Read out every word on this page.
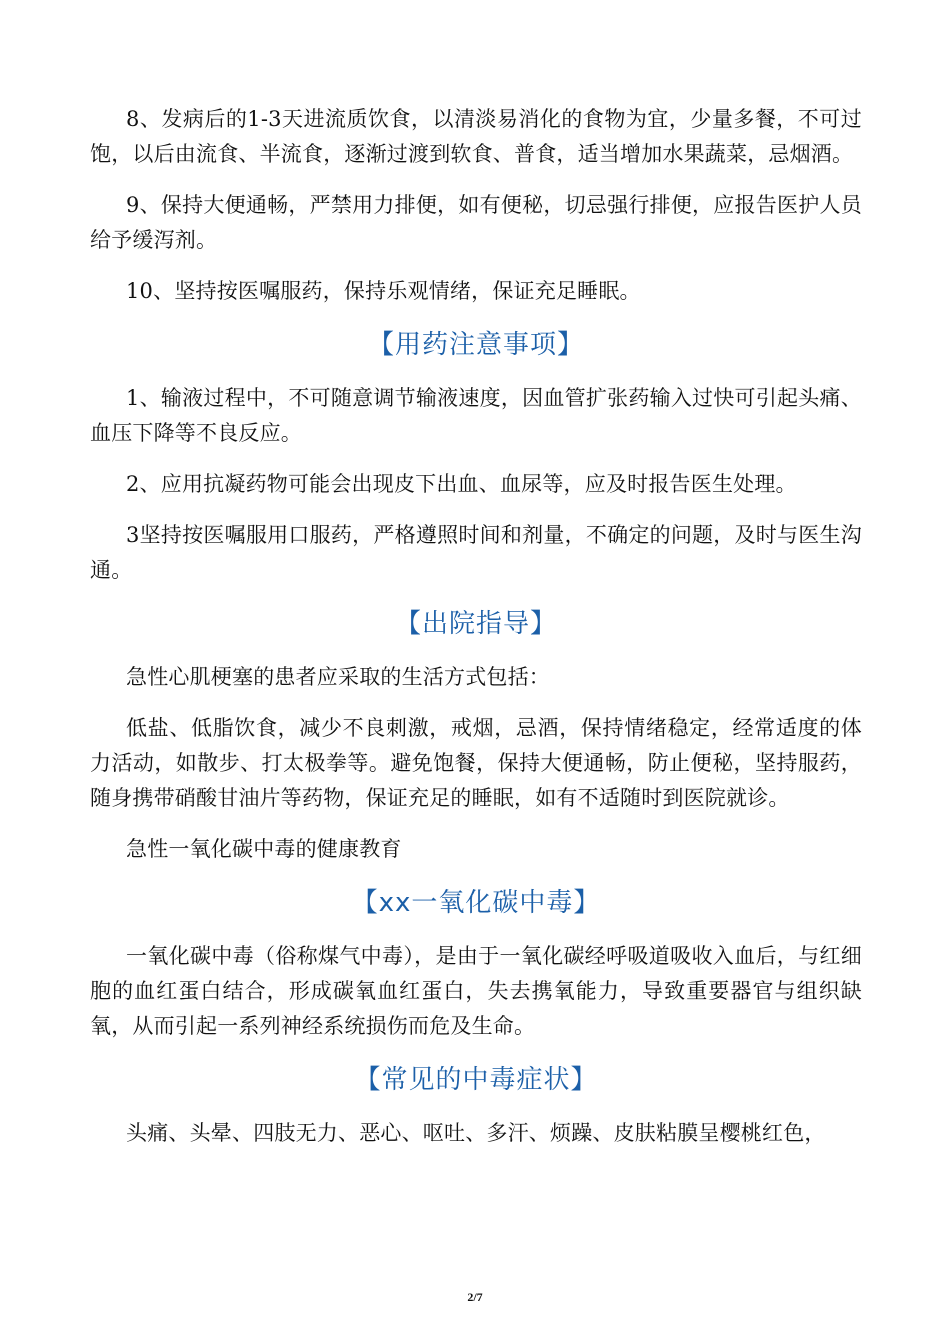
8、发病后的1-3天进流质饮食，以清淡易消化的食物为宜，少量多餐，不可过饱，以后由流食、半流食，逐渐过渡到软食、普食，适当增加水果蔬菜，忌烟酒。

9、保持大便通畅，严禁用力排便，如有便秘，切忌强行排便，应报告医护人员给予缓泻剂。

10、坚持按医嘱服药，保持乐观情绪，保证充足睡眠。

【用药注意事项】

1、输液过程中，不可随意调节输液速度，因血管扩张药输入过快可引起头痛、血压下降等不良反应。

2、应用抗凝药物可能会出现皮下出血、血尿等，应及时报告医生处理。

3坚持按医嘱服用口服药，严格遵照时间和剂量，不确定的问题，及时与医生沟通。

【出院指导】

急性心肌梗塞的患者应采取的生活方式包括：

低盐、低脂饮食，减少不良刺激，戒烟，忌酒，保持情绪稳定，经常适度的体力活动，如散步、打太极拳等。避免饱餐，保持大便通畅，防止便秘，坚持服药，随身携带硝酸甘油片等药物，保证充足的睡眠，如有不适随时到医院就诊。

急性一氧化碳中毒的健康教育

【xx一氧化碳中毒】

一氧化碳中毒（俗称煤气中毒），是由于一氧化碳经呼吸道吸收入血后，与红细胞的血红蛋白结合，形成碳氧血红蛋白，失去携氧能力，导致重要器官与组织缺氧，从而引起一系列神经系统损伤而危及生命。

【常见的中毒症状】

头痛、头晕、四肢无力、恶心、呕吐、多汗、烦躁、皮肤粘膜呈樱桃红色，

2/7
